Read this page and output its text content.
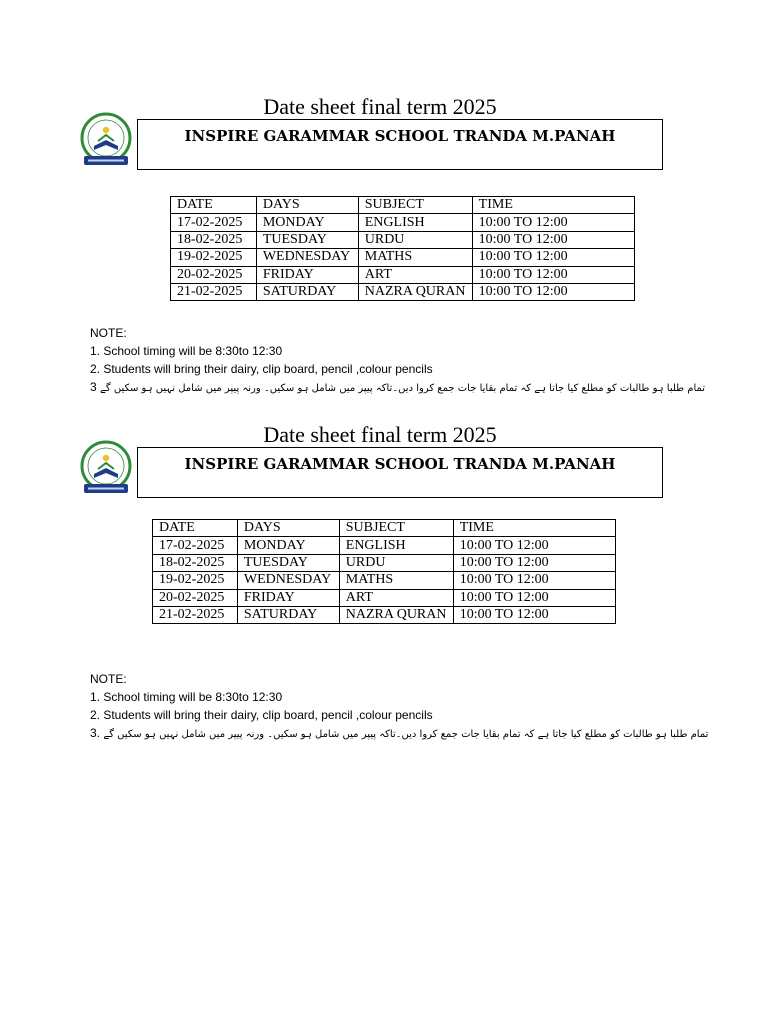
Date sheet final term 2025
INSPIRE GARAMMAR SCHOOL TRANDA M.PANAH
DATE	DAYS	SUBJECT	TIME
17-02-2025	MONDAY	ENGLISH	10:00 TO 12:00
18-02-2025	TUESDAY	URDU	10:00 TO 12:00
19-02-2025	WEDNESDAY	MATHS	10:00 TO 12:00
20-02-2025	FRIDAY	ART	10:00 TO 12:00
21-02-2025	SATURDAY	NAZRA QURAN	10:00 TO 12:00
NOTE:
1. School timing will be 8:30to 12:30
2. Students will bring their dairy, clip board, pencil ,colour pencils
3 تمام طلبا ہو طالبات کو مطلع کیا جاتا ہے کہ تمام بقایا جات جمع کروا دیں۔تاکہ پیپر میں شامل ہو سکیں۔ ورنہ پیپر میں شامل نہیں ہو سکیں گے
Date sheet final term 2025
INSPIRE GARAMMAR SCHOOL TRANDA M.PANAH
DATE	DAYS	SUBJECT	TIME
17-02-2025	MONDAY	ENGLISH	10:00 TO 12:00
18-02-2025	TUESDAY	URDU	10:00 TO 12:00
19-02-2025	WEDNESDAY	MATHS	10:00 TO 12:00
20-02-2025	FRIDAY	ART	10:00 TO 12:00
21-02-2025	SATURDAY	NAZRA QURAN	10:00 TO 12:00
NOTE:
1. School timing will be 8:30to 12:30
2. Students will bring their dairy, clip board, pencil ,colour pencils
3. تمام طلبا ہو طالبات کو مطلع کیا جاتا ہے کہ تمام بقایا جات جمع کروا دیں۔تاکہ پیپر میں شامل ہو سکیں۔ ورنہ پیپر میں شامل نہیں ہو سکیں گے
